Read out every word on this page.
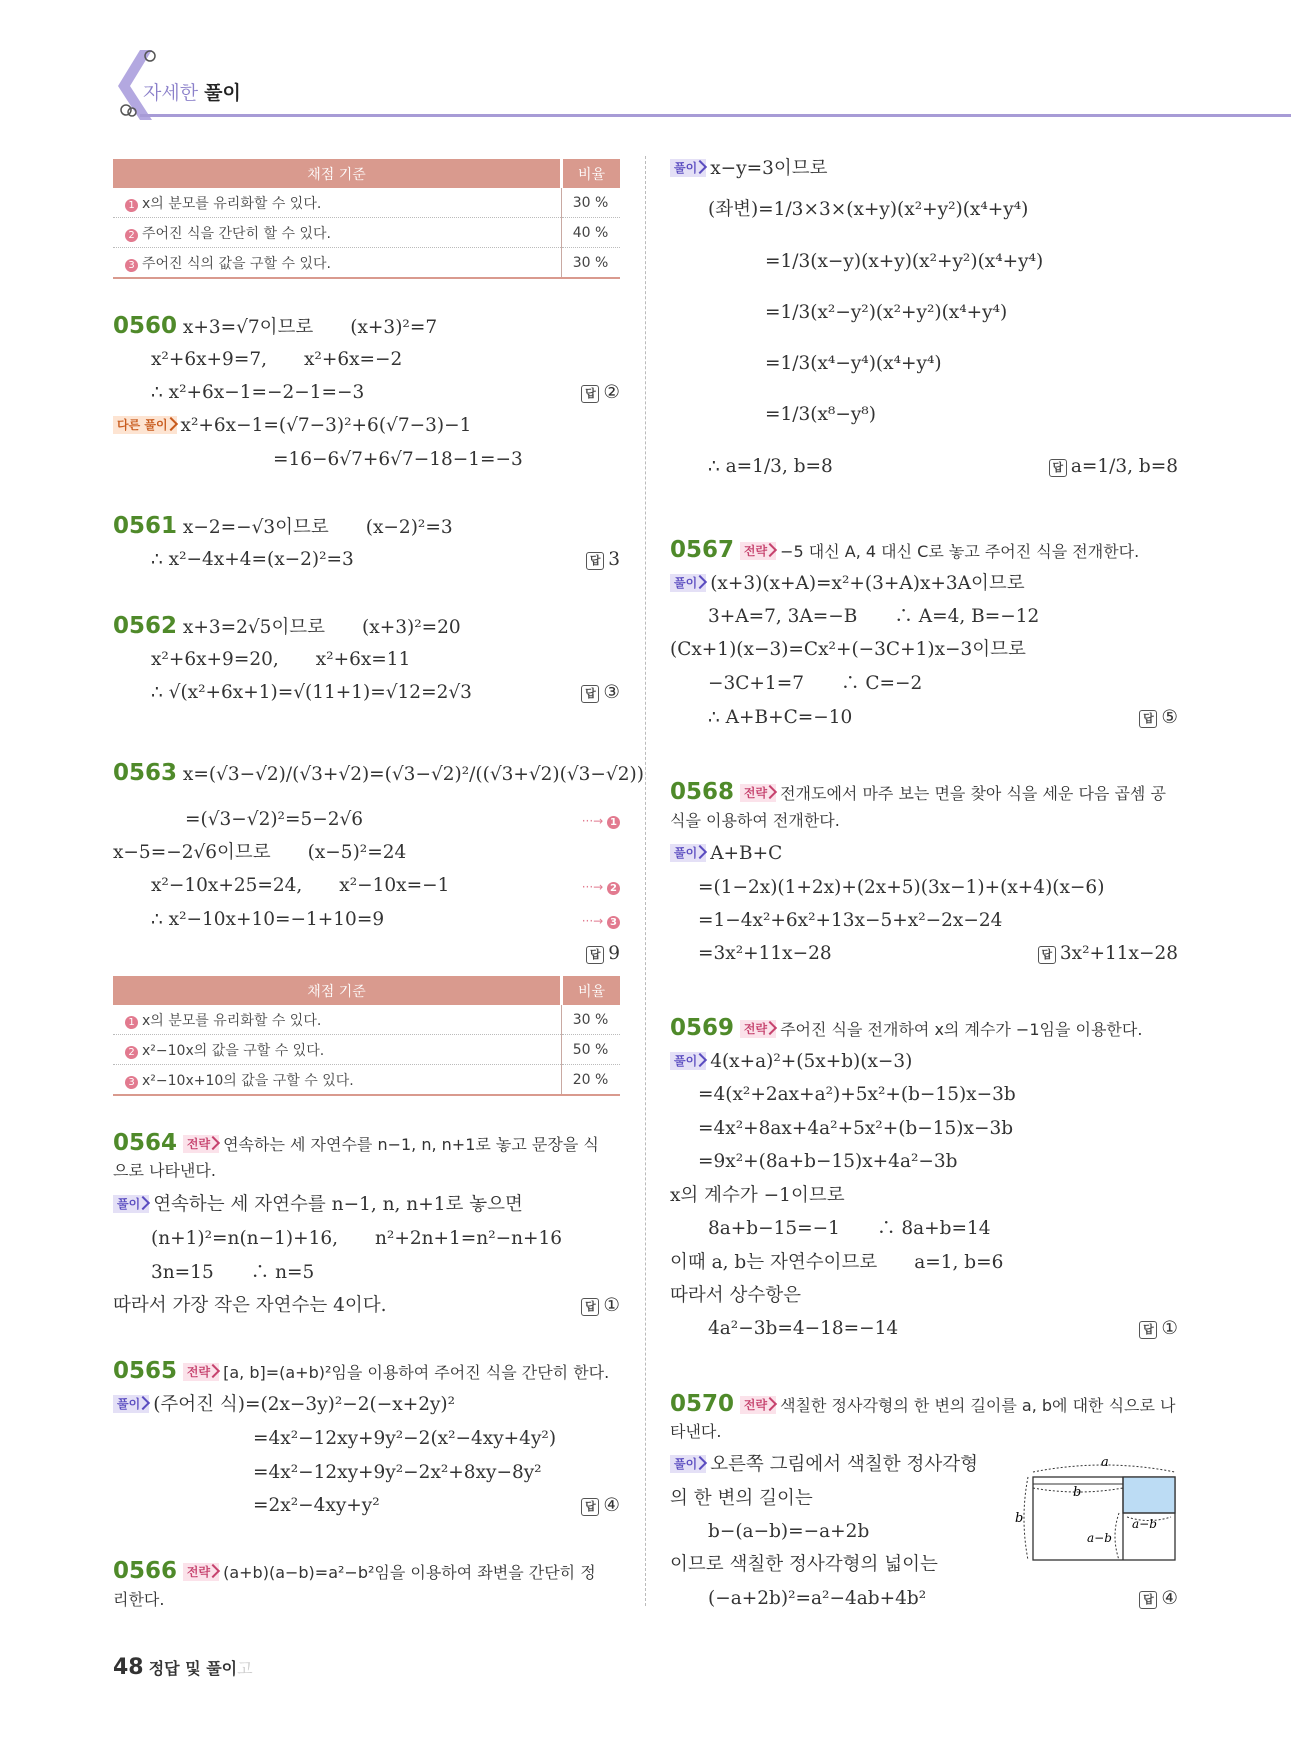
자세한 풀이
채점 기준	비율
1 x의 분모를 유리화할 수 있다.	30 %
2 주어진 식을 간단히 할 수 있다.	40 %
3 주어진 식의 값을 구할 수 있다.	30 %
0560 x+3=√7이므로　　(x+3)²=7
x²+6x+9=7,　　x²+6x=−2
∴ x²+6x−1=−2−1=−3	답 ②
다른 풀이 x²+6x−1=(√7−3)²+6(√7−3)−1
=16−6√7+6√7−18−1=−3
0561 x−2=−√3이므로　　(x−2)²=3
∴ x²−4x+4=(x−2)²=3	답 3
0562 x+3=2√5이므로　　(x+3)²=20
x²+6x+9=20,　　x²+6x=11
∴ √(x²+6x+1)=√(11+1)=√12=2√3	답 ③
0563 x=(√3−√2)/(√3+√2)=(√3−√2)²/((√3+√2)(√3−√2))
=(√3−√2)²=5−2√6	···→ 1
x−5=−2√6이므로　　(x−5)²=24
x²−10x+25=24,　　x²−10x=−1	···→ 2
∴ x²−10x+10=−1+10=9	···→ 3
답 9
채점 기준	비율
1 x의 분모를 유리화할 수 있다.	30 %
2 x²−10x의 값을 구할 수 있다.	50 %
3 x²−10x+10의 값을 구할 수 있다.	20 %
0564 전략 연속하는 세 자연수를 n−1, n, n+1로 놓고 문장을 식
으로 나타낸다.
풀이 연속하는 세 자연수를 n−1, n, n+1로 놓으면
(n+1)²=n(n−1)+16,　　n²+2n+1=n²−n+16
3n=15　　∴ n=5
따라서 가장 작은 자연수는 4이다.	답 ①
0565 전략 [a, b]=(a+b)²임을 이용하여 주어진 식을 간단히 한다.
풀이 (주어진 식)=(2x−3y)²−2(−x+2y)²
=4x²−12xy+9y²−2(x²−4xy+4y²)
=4x²−12xy+9y²−2x²+8xy−8y²
=2x²−4xy+y²	답 ④
0566 전략 (a+b)(a−b)=a²−b²임을 이용하여 좌변을 간단히 정
리한다.
풀이 x−y=3이므로
(좌변)=1/3×3×(x+y)(x²+y²)(x⁴+y⁴)
=1/3(x−y)(x+y)(x²+y²)(x⁴+y⁴)
=1/3(x²−y²)(x²+y²)(x⁴+y⁴)
=1/3(x⁴−y⁴)(x⁴+y⁴)
=1/3(x⁸−y⁸)
∴ a=1/3, b=8	답 a=1/3, b=8
0567 전략 −5 대신 A, 4 대신 C로 놓고 주어진 식을 전개한다.
풀이 (x+3)(x+A)=x²+(3+A)x+3A이므로
3+A=7, 3A=−B　　∴ A=4, B=−12
(Cx+1)(x−3)=Cx²+(−3C+1)x−3이므로
−3C+1=7　　∴ C=−2
∴ A+B+C=−10	답 ⑤
0568 전략 전개도에서 마주 보는 면을 찾아 식을 세운 다음 곱셈 공
식을 이용하여 전개한다.
풀이 A+B+C
=(1−2x)(1+2x)+(2x+5)(3x−1)+(x+4)(x−6)
=1−4x²+6x²+13x−5+x²−2x−24
=3x²+11x−28	답 3x²+11x−28
0569 전략 주어진 식을 전개하여 x의 계수가 −1임을 이용한다.
풀이 4(x+a)²+(5x+b)(x−3)
=4(x²+2ax+a²)+5x²+(b−15)x−3b
=4x²+8ax+4a²+5x²+(b−15)x−3b
=9x²+(8a+b−15)x+4a²−3b
x의 계수가 −1이므로
8a+b−15=−1　　∴ 8a+b=14
이때 a, b는 자연수이므로　　a=1, b=6
따라서 상수항은
4a²−3b=4−18=−14	답 ①
0570 전략 색칠한 정사각형의 한 변의 길이를 a, b에 대한 식으로 나
타낸다.
풀이 오른쪽 그림에서 색칠한 정사각형
의 한 변의 길이는
b−(a−b)=−a+2b
이므로 색칠한 정사각형의 넓이는
(−a+2b)²=a²−4ab+4b²	답 ④
a
b
b	a−b
a−b
48 정답 및 풀이고
